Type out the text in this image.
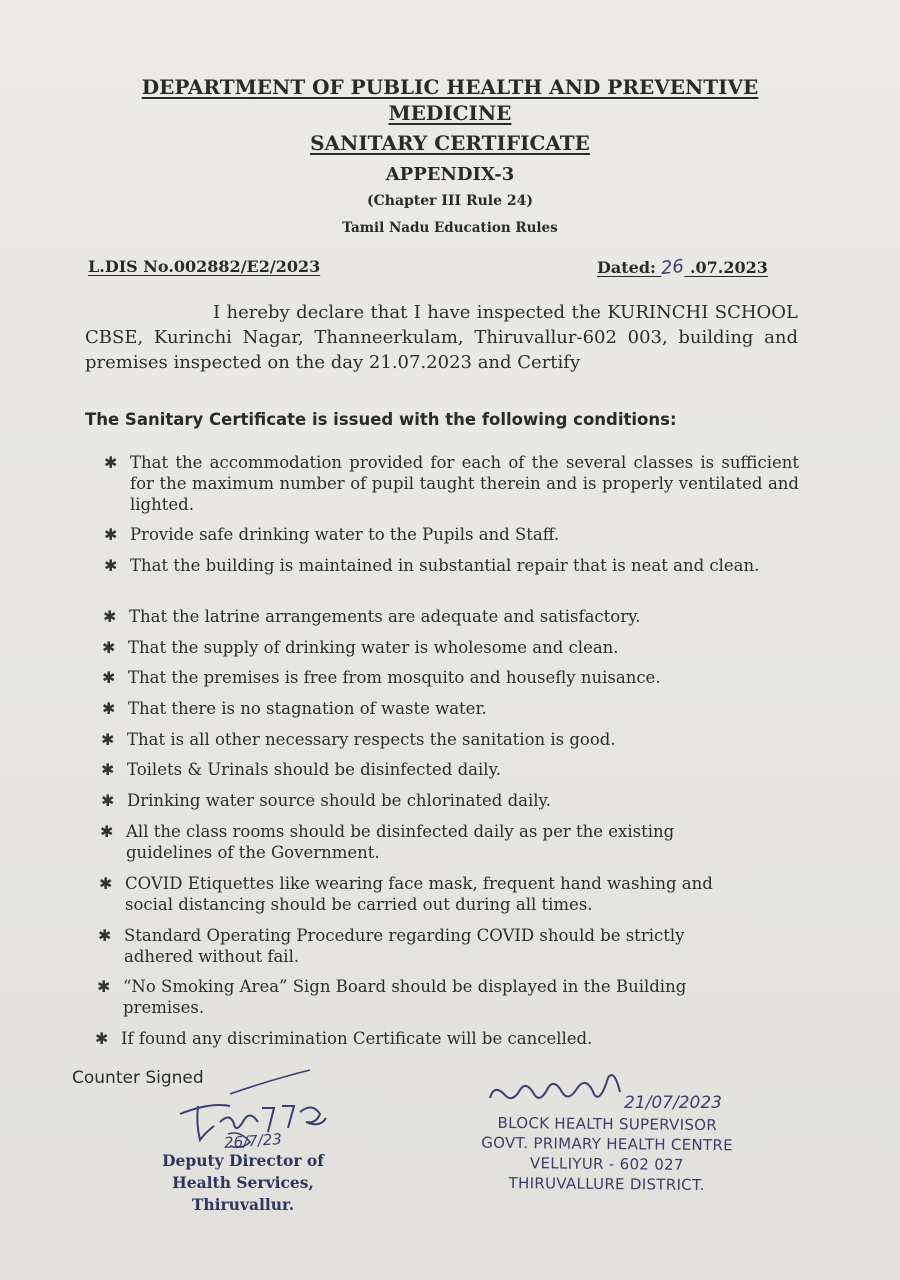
DEPARTMENT OF PUBLIC HEALTH AND PREVENTIVE MEDICINE
SANITARY CERTIFICATE
APPENDIX-3
(Chapter III Rule 24)
Tamil Nadu Education Rules
L.DIS No.002882/E2/2023	Dated: 26 .07.2023
I hereby declare that I have inspected the KURINCHI SCHOOL CBSE, Kurinchi Nagar, Thanneerkulam, Thiruvallur-602 003, building and premises inspected on the day 21.07.2023 and Certify
The Sanitary Certificate is issued with the following conditions:
✱ That the accommodation provided for each of the several classes is sufficient for the maximum number of pupil taught therein and is properly ventilated and lighted.
✱ Provide safe drinking water to the Pupils and Staff.
✱ That the building is maintained in substantial repair that is neat and clean.
✱ That the latrine arrangements are adequate and satisfactory.
✱ That the supply of drinking water is wholesome and clean.
✱ That the premises is free from mosquito and housefly nuisance.
✱ That there is no stagnation of waste water.
✱ That is all other necessary respects the sanitation is good.
✱ Toilets & Urinals should be disinfected daily.
✱ Drinking water source should be chlorinated daily.
✱ All the class rooms should be disinfected daily as per the existing guidelines of the Government.
✱ COVID Etiquettes like wearing face mask, frequent hand washing and social distancing should be carried out during all times.
✱ Standard Operating Procedure regarding COVID should be strictly adhered without fail.
✱ “No Smoking Area” Sign Board should be displayed in the Building premises.
✱ If found any discrimination Certificate will be cancelled.
Counter Signed
Deputy Director of
Health Services,
Thiruvallur.
21/07/2023
BLOCK HEALTH SUPERVISOR
GOVT. PRIMARY HEALTH CENTRE
VELLIYUR - 602 027
THIRUVALLURE DISTRICT.
26/7/23
